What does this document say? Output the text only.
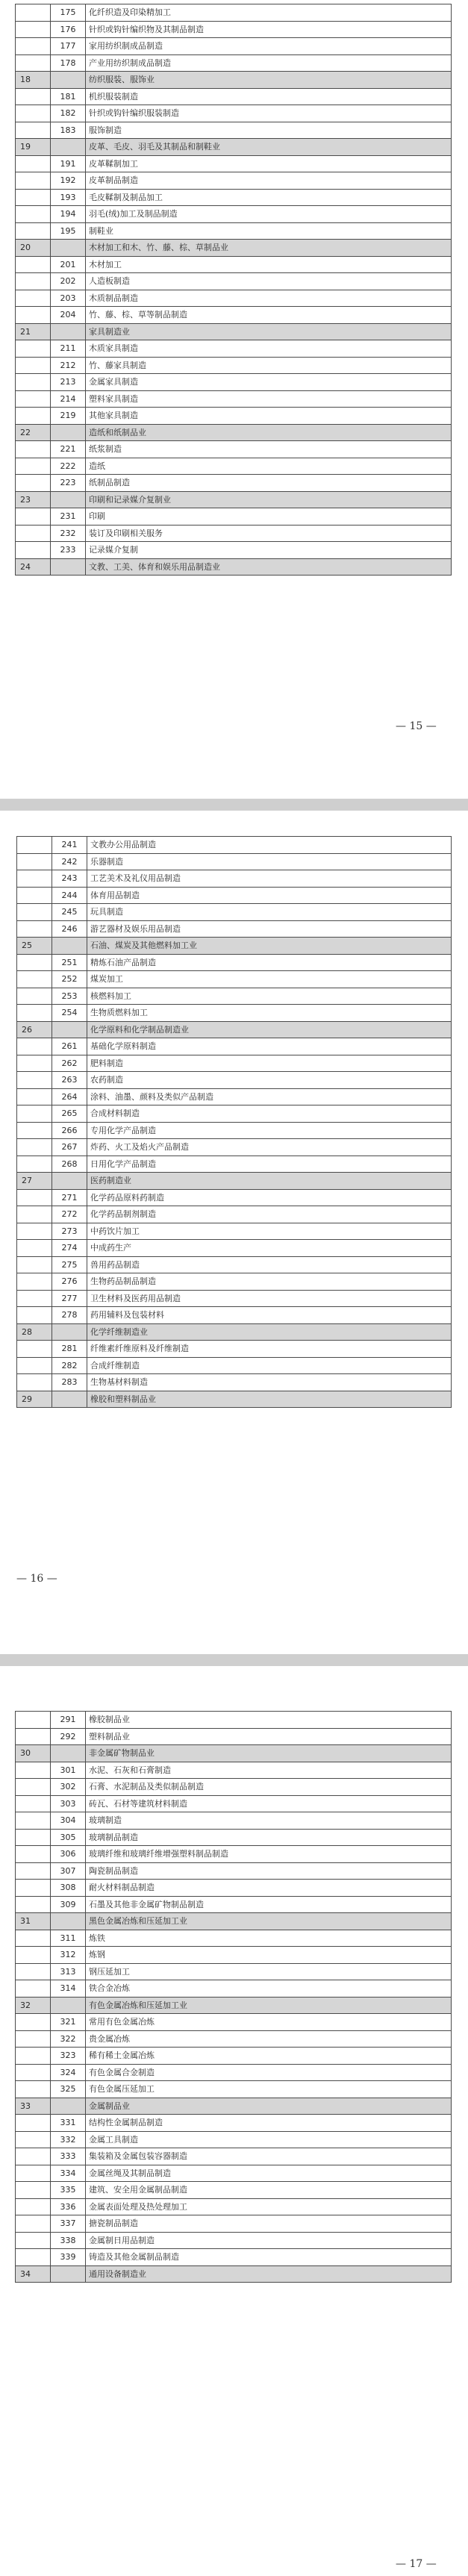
	175	化纤织造及印染精加工
	176	针织或钩针编织物及其制品制造
	177	家用纺织制成品制造
	178	产业用纺织制成品制造
18		纺织服装、服饰业
	181	机织服装制造
	182	针织或钩针编织服装制造
	183	服饰制造
19		皮革、毛皮、羽毛及其制品和制鞋业
	191	皮革鞣制加工
	192	皮革制品制造
	193	毛皮鞣制及制品加工
	194	羽毛(绒)加工及制品制造
	195	制鞋业
20		木材加工和木、竹、藤、棕、草制品业
	201	木材加工
	202	人造板制造
	203	木质制品制造
	204	竹、藤、棕、草等制品制造
21		家具制造业
	211	木质家具制造
	212	竹、藤家具制造
	213	金属家具制造
	214	塑料家具制造
	219	其他家具制造
22		造纸和纸制品业
	221	纸浆制造
	222	造纸
	223	纸制品制造
23		印刷和记录媒介复制业
	231	印刷
	232	装订及印刷相关服务
	233	记录媒介复制
24		文教、工美、体育和娱乐用品制造业
— 15 —
	241	文教办公用品制造
	242	乐器制造
	243	工艺美术及礼仪用品制造
	244	体育用品制造
	245	玩具制造
	246	游艺器材及娱乐用品制造
25		石油、煤炭及其他燃料加工业
	251	精炼石油产品制造
	252	煤炭加工
	253	核燃料加工
	254	生物质燃料加工
26		化学原料和化学制品制造业
	261	基础化学原料制造
	262	肥料制造
	263	农药制造
	264	涂料、油墨、颜料及类似产品制造
	265	合成材料制造
	266	专用化学产品制造
	267	炸药、火工及焰火产品制造
	268	日用化学产品制造
27		医药制造业
	271	化学药品原料药制造
	272	化学药品制剂制造
	273	中药饮片加工
	274	中成药生产
	275	兽用药品制造
	276	生物药品制品制造
	277	卫生材料及医药用品制造
	278	药用辅料及包装材料
28		化学纤维制造业
	281	纤维素纤维原料及纤维制造
	282	合成纤维制造
	283	生物基材料制造
29		橡胶和塑料制品业
— 16 —
	291	橡胶制品业
	292	塑料制品业
30		非金属矿物制品业
	301	水泥、石灰和石膏制造
	302	石膏、水泥制品及类似制品制造
	303	砖瓦、石材等建筑材料制造
	304	玻璃制造
	305	玻璃制品制造
	306	玻璃纤维和玻璃纤维增强塑料制品制造
	307	陶瓷制品制造
	308	耐火材料制品制造
	309	石墨及其他非金属矿物制品制造
31		黑色金属冶炼和压延加工业
	311	炼铁
	312	炼钢
	313	钢压延加工
	314	铁合金冶炼
32		有色金属冶炼和压延加工业
	321	常用有色金属冶炼
	322	贵金属冶炼
	323	稀有稀土金属冶炼
	324	有色金属合金制造
	325	有色金属压延加工
33		金属制品业
	331	结构性金属制品制造
	332	金属工具制造
	333	集装箱及金属包装容器制造
	334	金属丝绳及其制品制造
	335	建筑、安全用金属制品制造
	336	金属表面处理及热处理加工
	337	搪瓷制品制造
	338	金属制日用品制造
	339	铸造及其他金属制品制造
34		通用设备制造业
— 17 —
